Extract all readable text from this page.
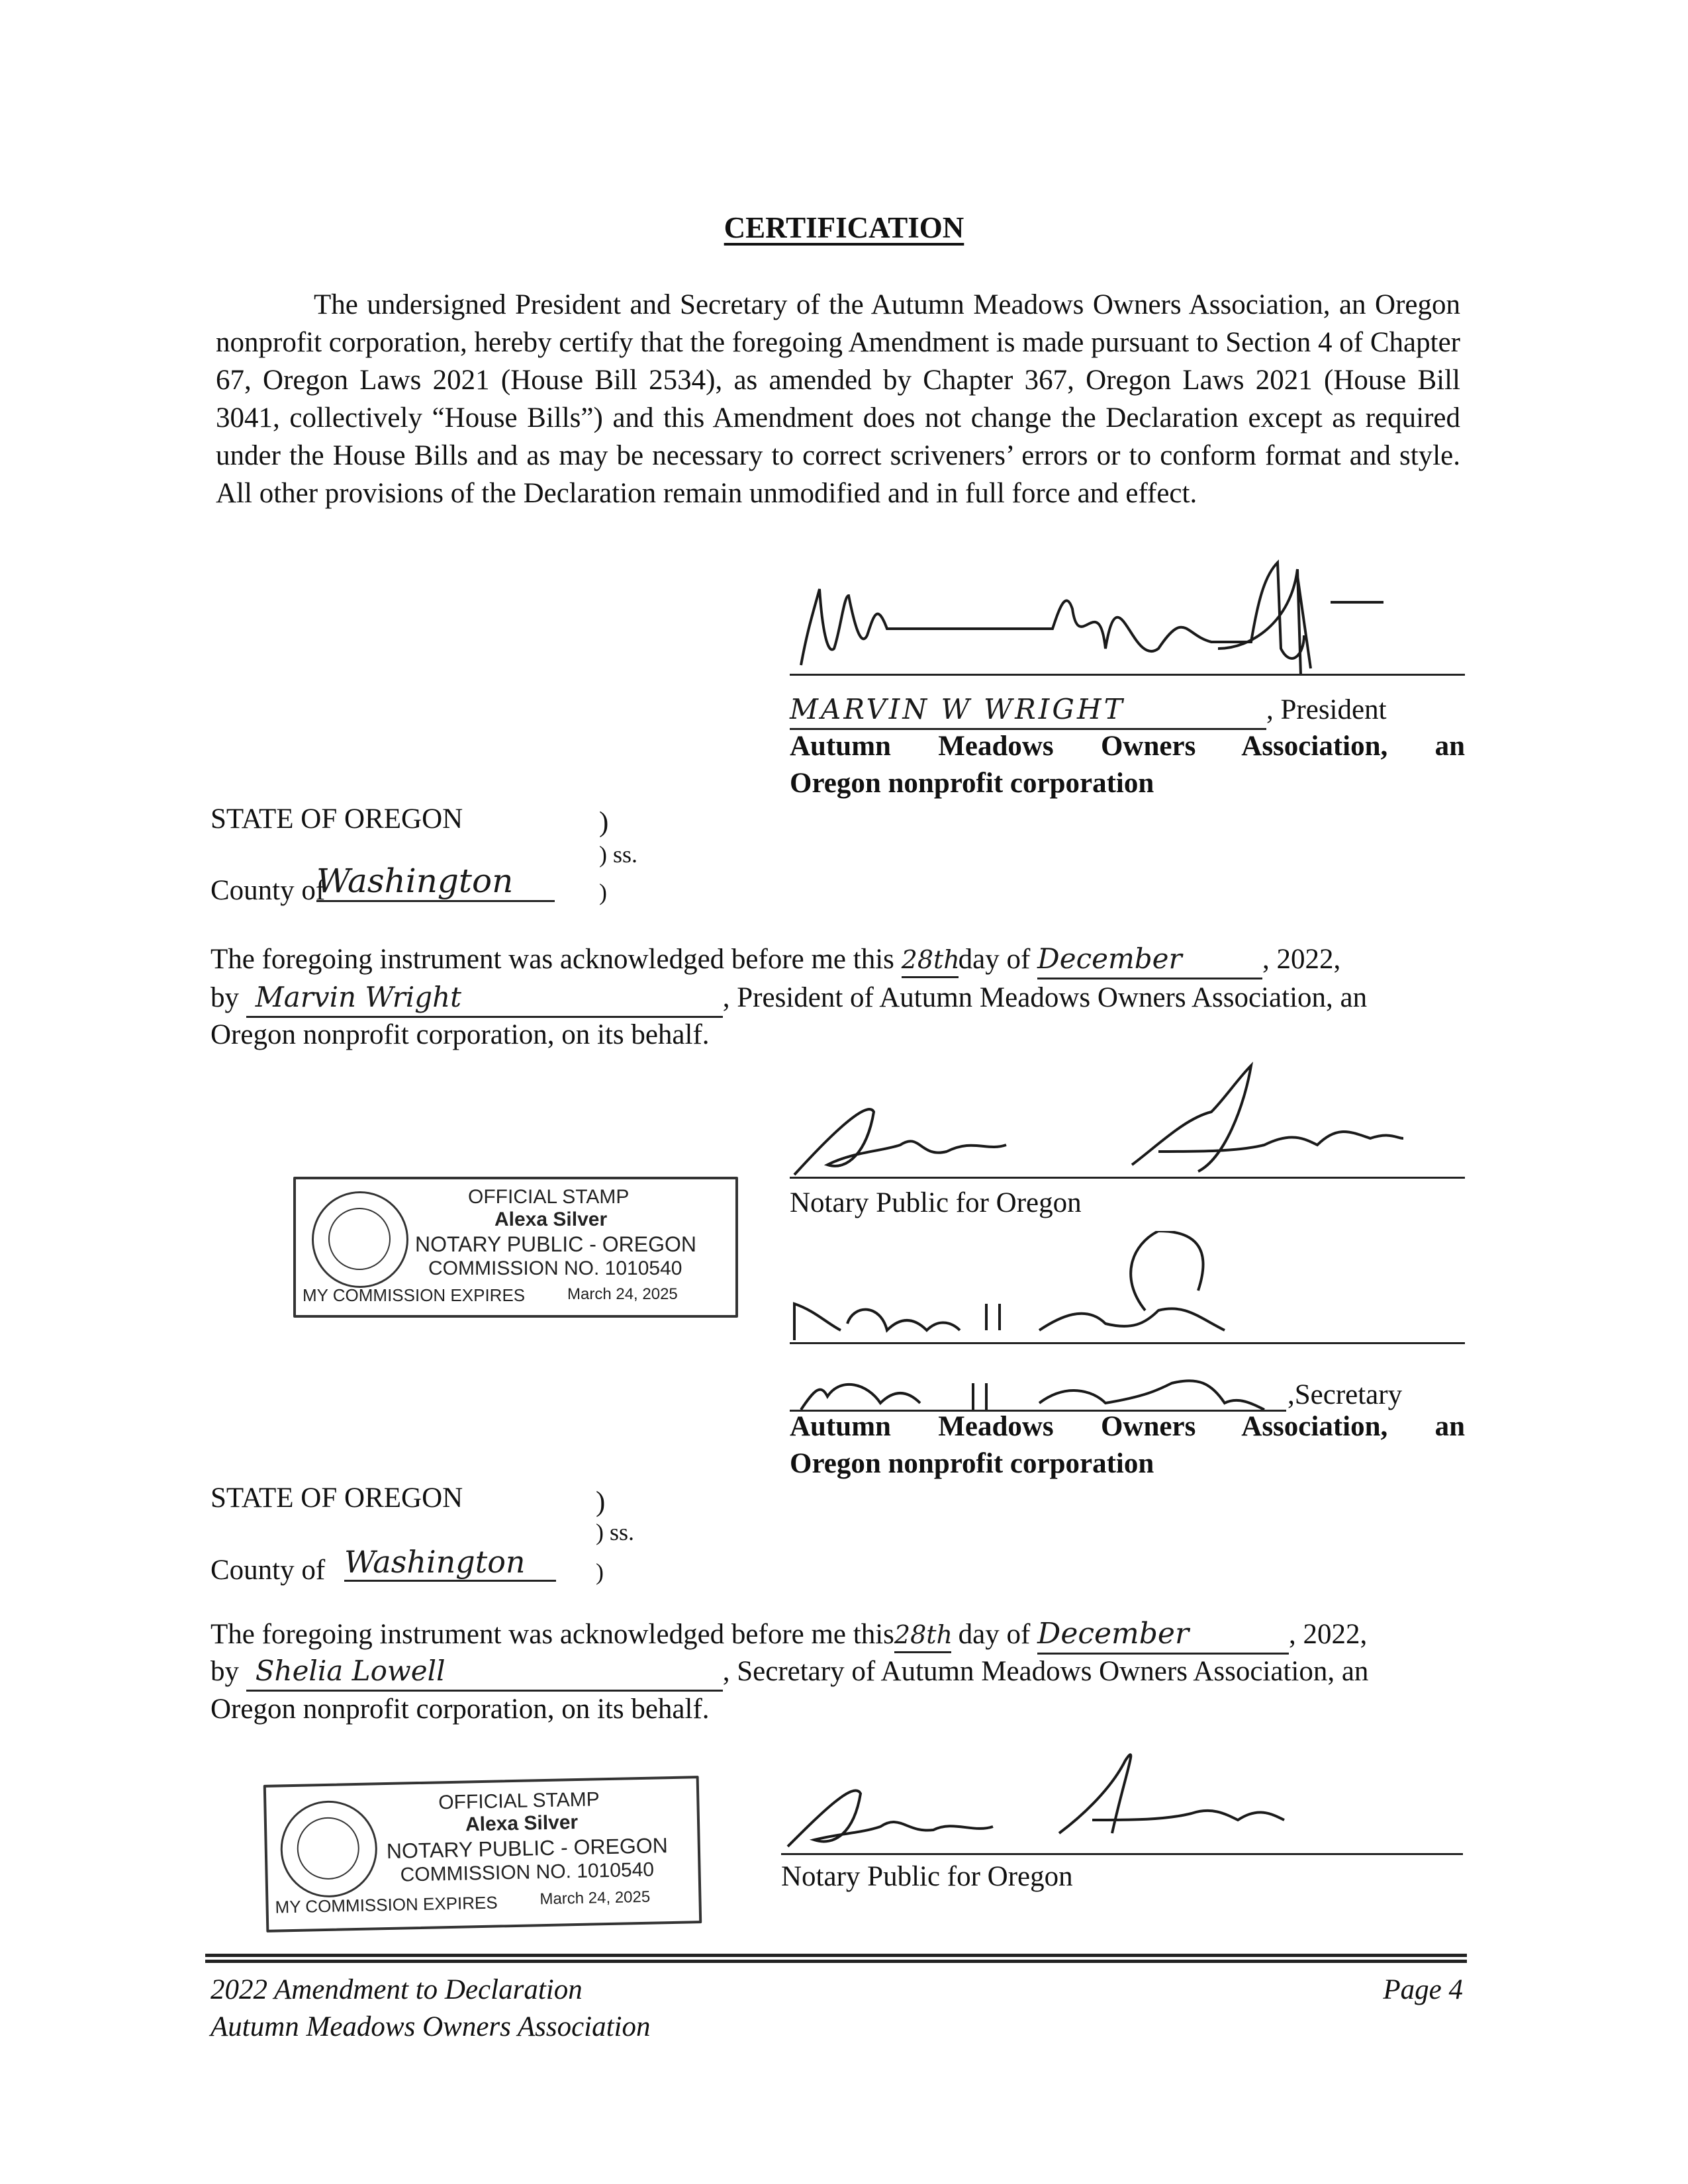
CERTIFICATION
The undersigned President and Secretary of the Autumn Meadows Owners Association, an Oregon nonprofit corporation, hereby certify that the foregoing Amendment is made pursuant to Section 4 of Chapter 67, Oregon Laws 2021 (House Bill 2534), as amended by Chapter 367, Oregon Laws 2021 (House Bill 3041, collectively “House Bills”) and this Amendment does not change the Declaration except as required under the House Bills and as may be necessary to correct scriveners’ errors or to conform format and style. All other provisions of the Declaration remain unmodified and in full force and effect.
MARVIN W WRIGHT	, President
Autumn Meadows Owners Association, an
Oregon nonprofit corporation
STATE OF OREGON	)
) ss.
County of
Washington	)
The foregoing instrument was acknowledged before me this 28thday of December	, 2022,
by Marvin Wright	, President of Autumn Meadows Owners Association, an
Oregon nonprofit corporation, on its behalf.
Notary Public for Oregon
OFFICIAL STAMP
Alexa Silver
NOTARY PUBLIC - OREGON
COMMISSION NO. 1010540
MY COMMISSION EXPIRES	March 24, 2025
,Secretary
Autumn Meadows Owners Association, an
Oregon nonprofit corporation
STATE OF OREGON	)
) ss.
County of Washington	)
The foregoing instrument was acknowledged before me this28th day of December	, 2022,
by Shelia Lowell	, Secretary of Autumn Meadows Owners Association, an
Oregon nonprofit corporation, on its behalf.
OFFICIAL STAMP
Alexa Silver
NOTARY PUBLIC - OREGON
COMMISSION NO. 1010540
MY COMMISSION EXPIRES	March 24, 2025
Notary Public for Oregon
2022 Amendment to Declaration
Autumn Meadows Owners Association
Page 4
